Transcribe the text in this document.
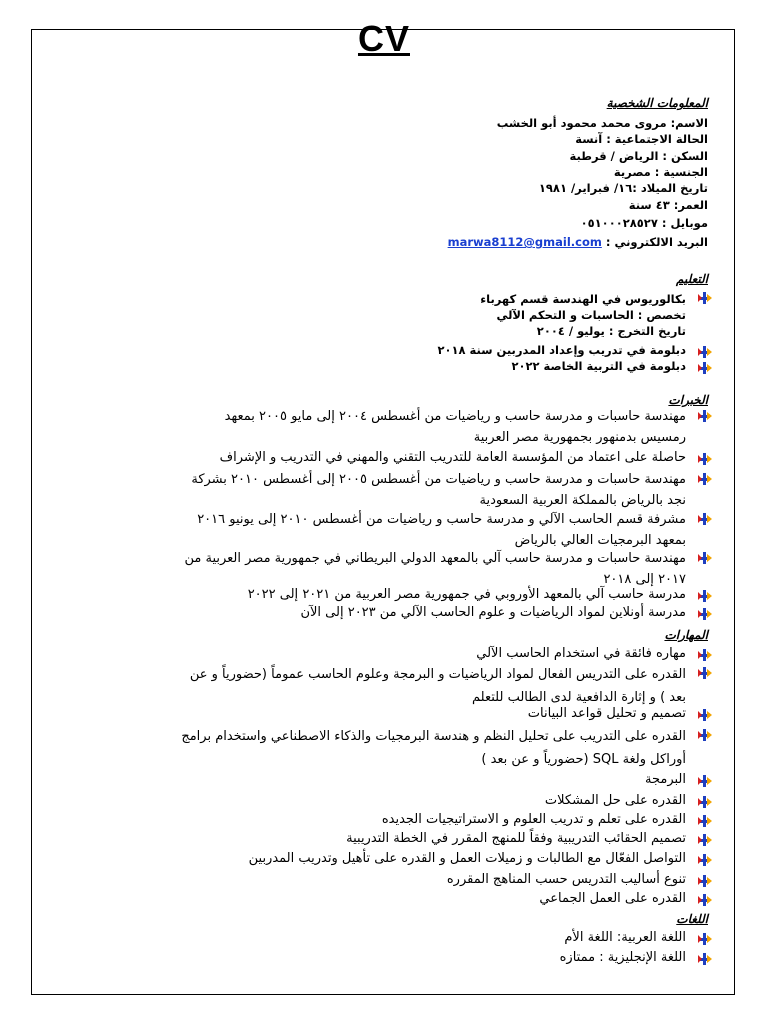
CV
المعلومات الشخصية
الاسم: مروى محمد محمود أبو الخشب
الحالة الاجتماعية : آنسة
السكن : الرياض / قرطبة
الجنسية : مصرية
تاريخ الميلاد :١٦/ فبراير/ ١٩٨١
العمر: ٤٣ سنة
موبايل : ٠٥١٠٠٠٢٨٥٢٧
البريد الالكتروني : marwa8112@gmail.com
التعليم
بكالوريوس في الهندسة قسم كهرباء
تخصص : الحاسبات و التحكم الآلي
تاريخ التخرج : يوليو / ٢٠٠٤
دبلومة في تدريب وإعداد المدربين سنة ٢٠١٨
دبلومة في التربية الخاصة ٢٠٢٢
الخبرات
مهندسة حاسبات و مدرسة حاسب و رياضيات من أغسطس ٢٠٠٤ إلى مايو ٢٠٠٥ بمعهد
رمسيس بدمنهور بجمهورية مصر العربية
حاصلة على اعتماد من المؤسسة العامة للتدريب التقني والمهني في التدريب و الإشراف
مهندسة حاسبات و مدرسة حاسب و رياضيات من أغسطس ٢٠٠٥ إلى أغسطس ٢٠١٠ بشركة
نجد بالرياض بالمملكة العربية السعودية
مشرفة قسم الحاسب الآلي و مدرسة حاسب و رياضيات من أغسطس ٢٠١٠ إلى يونيو ٢٠١٦
بمعهد البرمجيات العالي بالرياض
مهندسة حاسبات و مدرسة حاسب آلي بالمعهد الدولي البريطاني في جمهورية مصر العربية من
٢٠١٧ إلى ٢٠١٨
مدرسة حاسب آلي بالمعهد الأوروبي في جمهورية مصر العربية من ٢٠٢١ إلى ٢٠٢٢
مدرسة أونلاين لمواد الرياضيات و علوم الحاسب الآلي من ٢٠٢٣ إلى الآن
المهارات
مهاره فائقة في استخدام الحاسب الآلي
القدره على التدريس الفعال لمواد الرياضيات و البرمجة وعلوم الحاسب عموماً (حضورياً و عن
بعد ) و إثارة الدافعية لدى الطالب للتعلم
تصميم و تحليل قواعد البيانات
القدره على التدريب على تحليل النظم و هندسة البرمجيات والذكاء الاصطناعي واستخدام برامج
أوراكل ولغة SQL (حضورياً و عن بعد )
البرمجة
القدره على حل المشكلات
القدره على تعلم و تدريب العلوم و الاستراتيجيات الجديده
تصميم الحقائب التدريبية وفقاً للمنهج المقرر في الخطة التدريبية
التواصل الفعّال مع الطالبات و زميلات العمل و القدره على تأهيل وتدريب المدربين
تنوع أساليب التدريس حسب المناهج المقرره
القدره على العمل الجماعي
اللغات
اللغة العربية: اللغة الأم
اللغة الإنجليزية : ممتازه
